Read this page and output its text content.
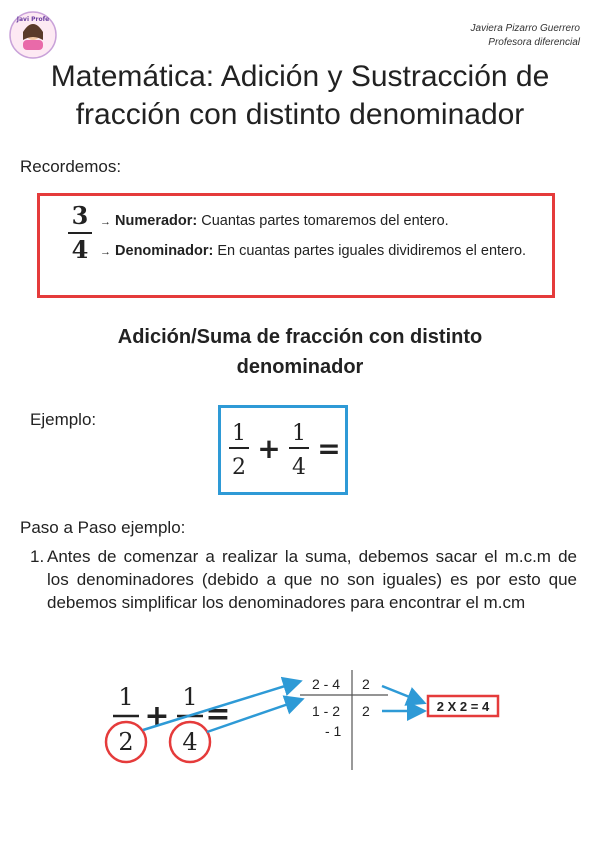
Javi Profe
Javiera Pizarro Guerrero
Profesora diferencial
Matemática: Adición y Sustracción de fracción con distinto denominador
Recordemos:
3
4
→ Numerador: Cuantas partes tomaremos del entero.
→ Denominador: En cuantas partes iguales dividiremos el entero.
Adición/Suma de fracción con distinto denominador
Ejemplo:
1
2
+ 1
4
=
Paso a Paso ejemplo:
1. Antes de comenzar a realizar la suma, debemos sacar el m.c.m de los denominadores (debido a que no son iguales) es por esto que debemos simplificar los denominadores para encontrar el m.cm
1
2
+
1
4
=
2 - 4 2
1 - 2 2
- 1
2 X 2 = 4
